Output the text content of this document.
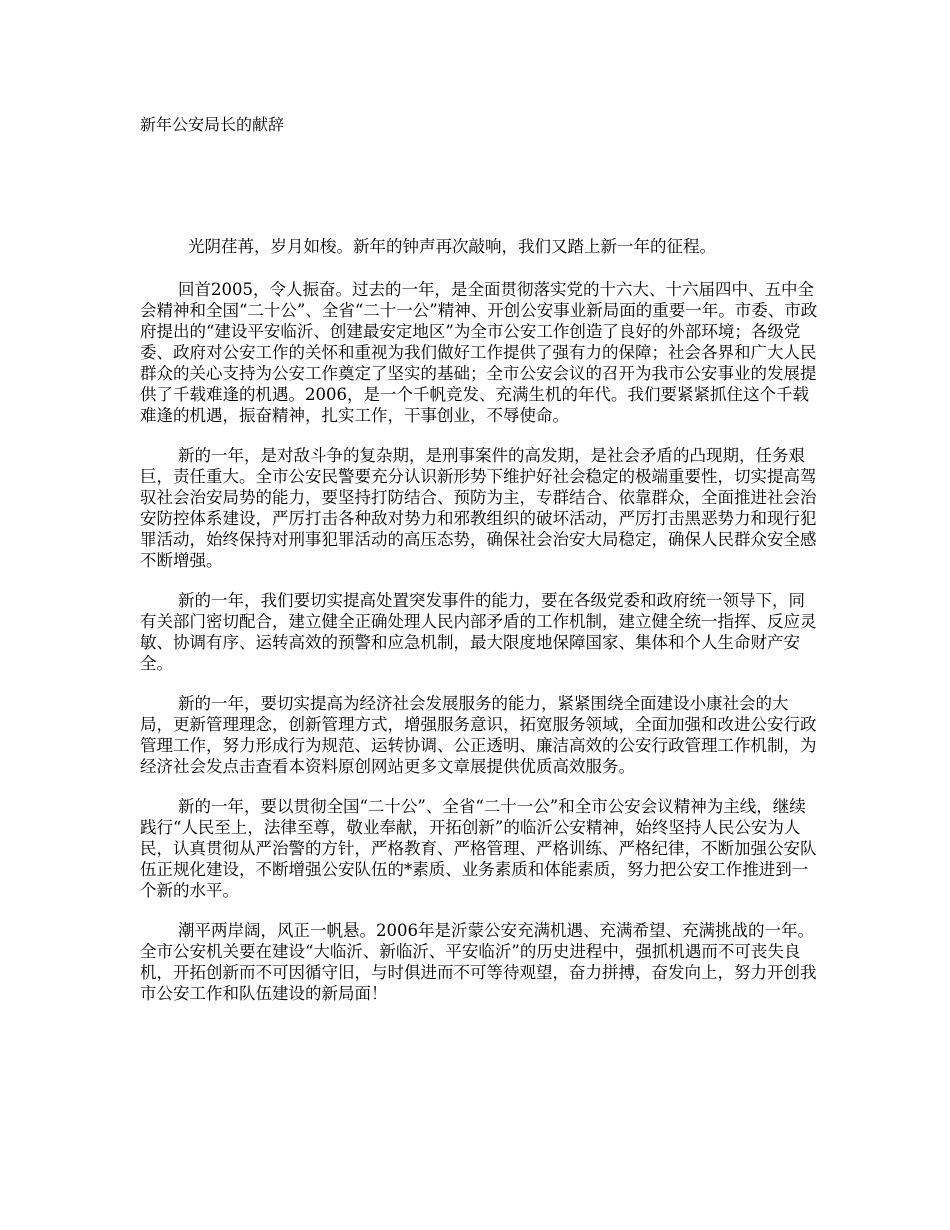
新年公安局长的献辞

光阴荏苒，岁月如梭。新年的钟声再次敲响，我们又踏上新一年的征程。

回首2005，令人振奋。过去的一年，是全面贯彻落实党的十六大、十六届四中、五中全会精神和全国“二十公”、全省“二十一公”精神、开创公安事业新局面的重要一年。市委、市政府提出的“建设平安临沂、创建最安定地区”为全市公安工作创造了良好的外部环境；各级党委、政府对公安工作的关怀和重视为我们做好工作提供了强有力的保障；社会各界和广大人民群众的关心支持为公安工作奠定了坚实的基础；全市公安会议的召开为我市公安事业的发展提供了千载难逢的机遇。2006，是一个千帆竞发、充满生机的年代。我们要紧紧抓住这个千载难逢的机遇，振奋精神，扎实工作，干事创业，不辱使命。

新的一年，是对敌斗争的复杂期，是刑事案件的高发期，是社会矛盾的凸现期，任务艰巨，责任重大。全市公安民警要充分认识新形势下维护好社会稳定的极端重要性，切实提高驾驭社会治安局势的能力，要坚持打防结合、预防为主，专群结合、依靠群众，全面推进社会治安防控体系建设，严厉打击各种敌对势力和邪教组织的破坏活动，严厉打击黑恶势力和现行犯罪活动，始终保持对刑事犯罪活动的高压态势，确保社会治安大局稳定，确保人民群众安全感不断增强。

新的一年，我们要切实提高处置突发事件的能力，要在各级党委和政府统一领导下，同有关部门密切配合，建立健全正确处理人民内部矛盾的工作机制，建立健全统一指挥、反应灵敏、协调有序、运转高效的预警和应急机制，最大限度地保障国家、集体和个人生命财产安全。

新的一年，要切实提高为经济社会发展服务的能力，紧紧围绕全面建设小康社会的大局，更新管理理念，创新管理方式，增强服务意识，拓宽服务领域，全面加强和改进公安行政管理工作，努力形成行为规范、运转协调、公正透明、廉洁高效的公安行政管理工作机制，为经济社会发点击查看本资料原创网站更多文章展提供优质高效服务。

新的一年，要以贯彻全国“二十公”、全省“二十一公”和全市公安会议精神为主线，继续践行“人民至上，法律至尊，敬业奉献，开拓创新”的临沂公安精神，始终坚持人民公安为人民，认真贯彻从严治警的方针，严格教育、严格管理、严格训练、严格纪律，不断加强公安队伍正规化建设，不断增强公安队伍的*素质、业务素质和体能素质，努力把公安工作推进到一个新的水平。

潮平两岸阔，风正一帆悬。2006年是沂蒙公安充满机遇、充满希望、充满挑战的一年。全市公安机关要在建设“大临沂、新临沂、平安临沂”的历史进程中，强抓机遇而不可丧失良机，开拓创新而不可因循守旧，与时俱进而不可等待观望，奋力拼搏，奋发向上，努力开创我市公安工作和队伍建设的新局面！
